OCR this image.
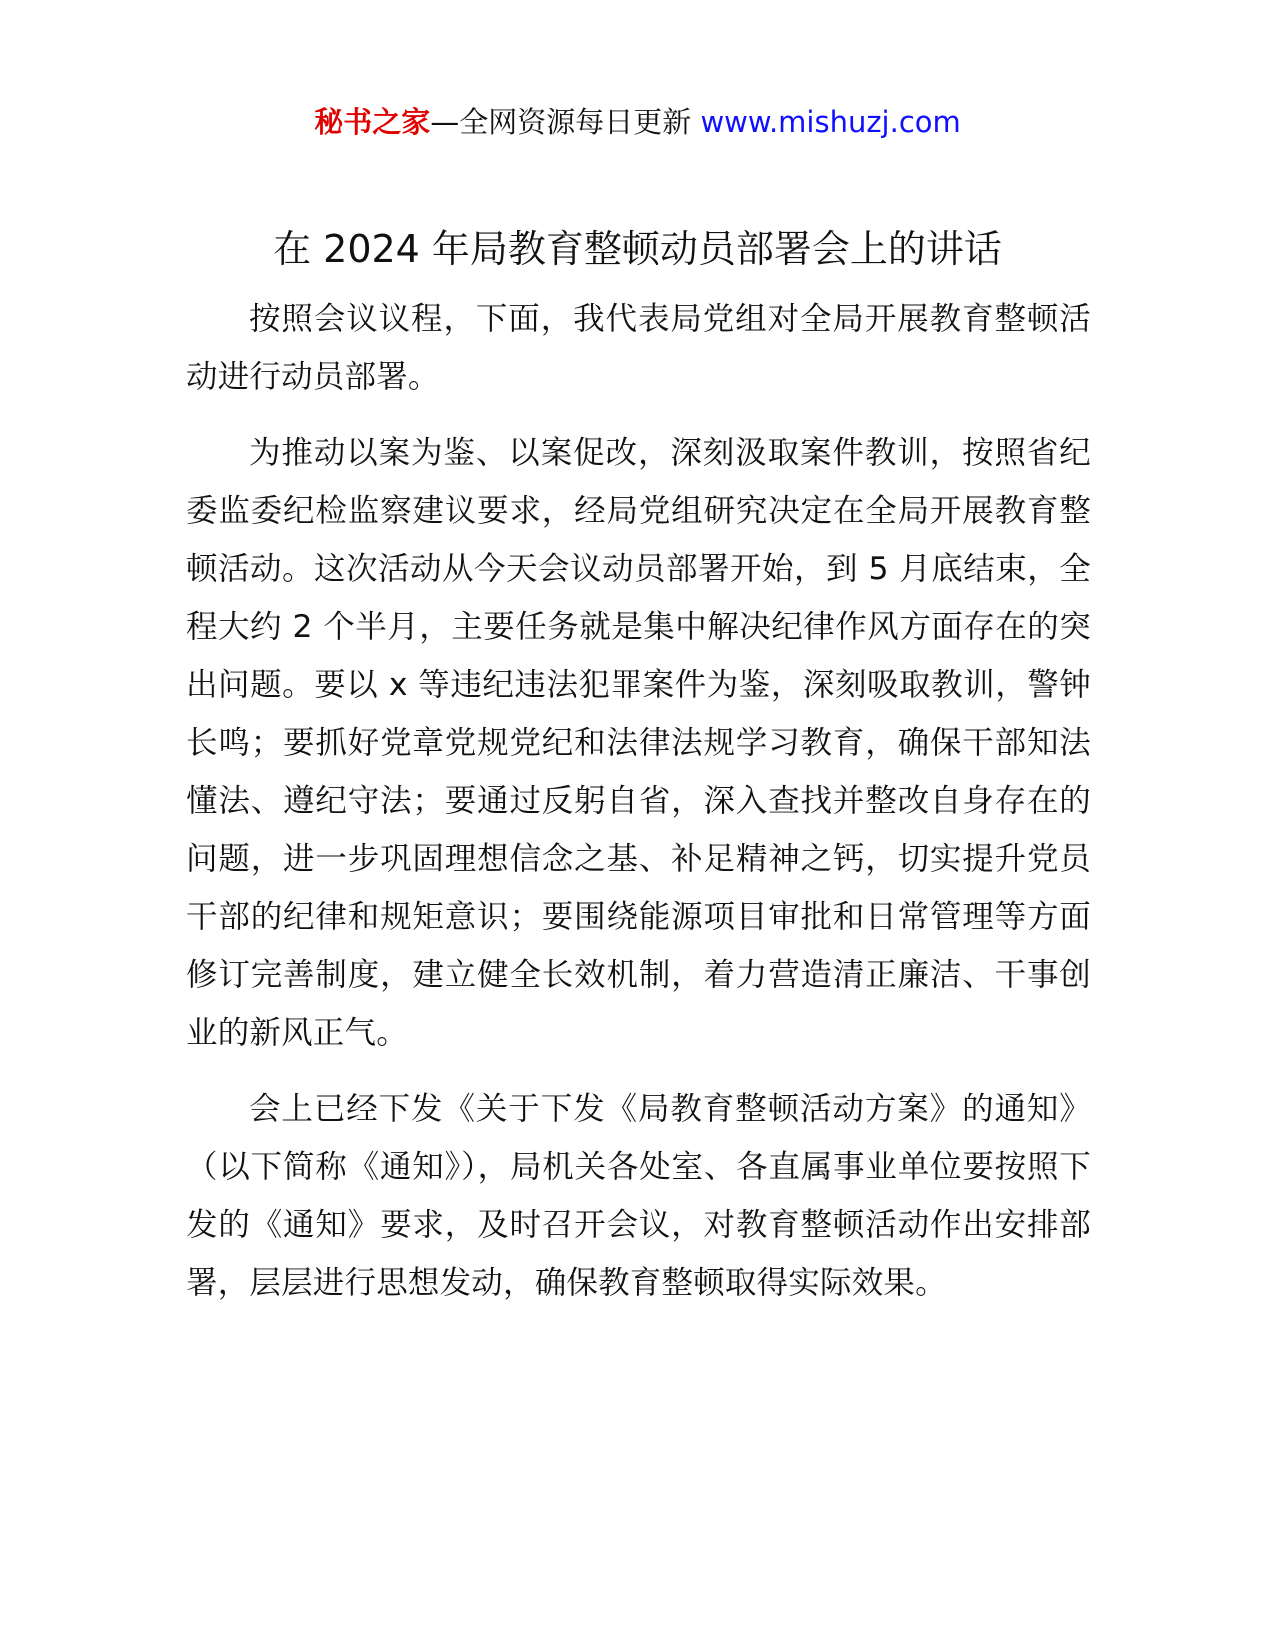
秘书之家—全网资源每日更新 www.mishuzj.com
在 2024 年局教育整顿动员部署会上的讲话

按照会议议程，下面，我代表局党组对全局开展教育整顿活动进行动员部署。

为推动以案为鉴、以案促改，深刻汲取案件教训，按照省纪委监委纪检监察建议要求，经局党组研究决定在全局开展教育整顿活动。这次活动从今天会议动员部署开始，到 5 月底结束，全程大约 2 个半月，主要任务就是集中解决纪律作风方面存在的突出问题。要以 x 等违纪违法犯罪案件为鉴，深刻吸取教训，警钟长鸣；要抓好党章党规党纪和法律法规学习教育，确保干部知法懂法、遵纪守法；要通过反躬自省，深入查找并整改自身存在的问题，进一步巩固理想信念之基、补足精神之钙，切实提升党员干部的纪律和规矩意识；要围绕能源项目审批和日常管理等方面修订完善制度，建立健全长效机制，着力营造清正廉洁、干事创业的新风正气。

会上已经下发《关于下发《局教育整顿活动方案》的通知》（以下简称《通知》），局机关各处室、各直属事业单位要按照下发的《通知》要求，及时召开会议，对教育整顿活动作出安排部署，层层进行思想发动，确保教育整顿取得实际效果。
